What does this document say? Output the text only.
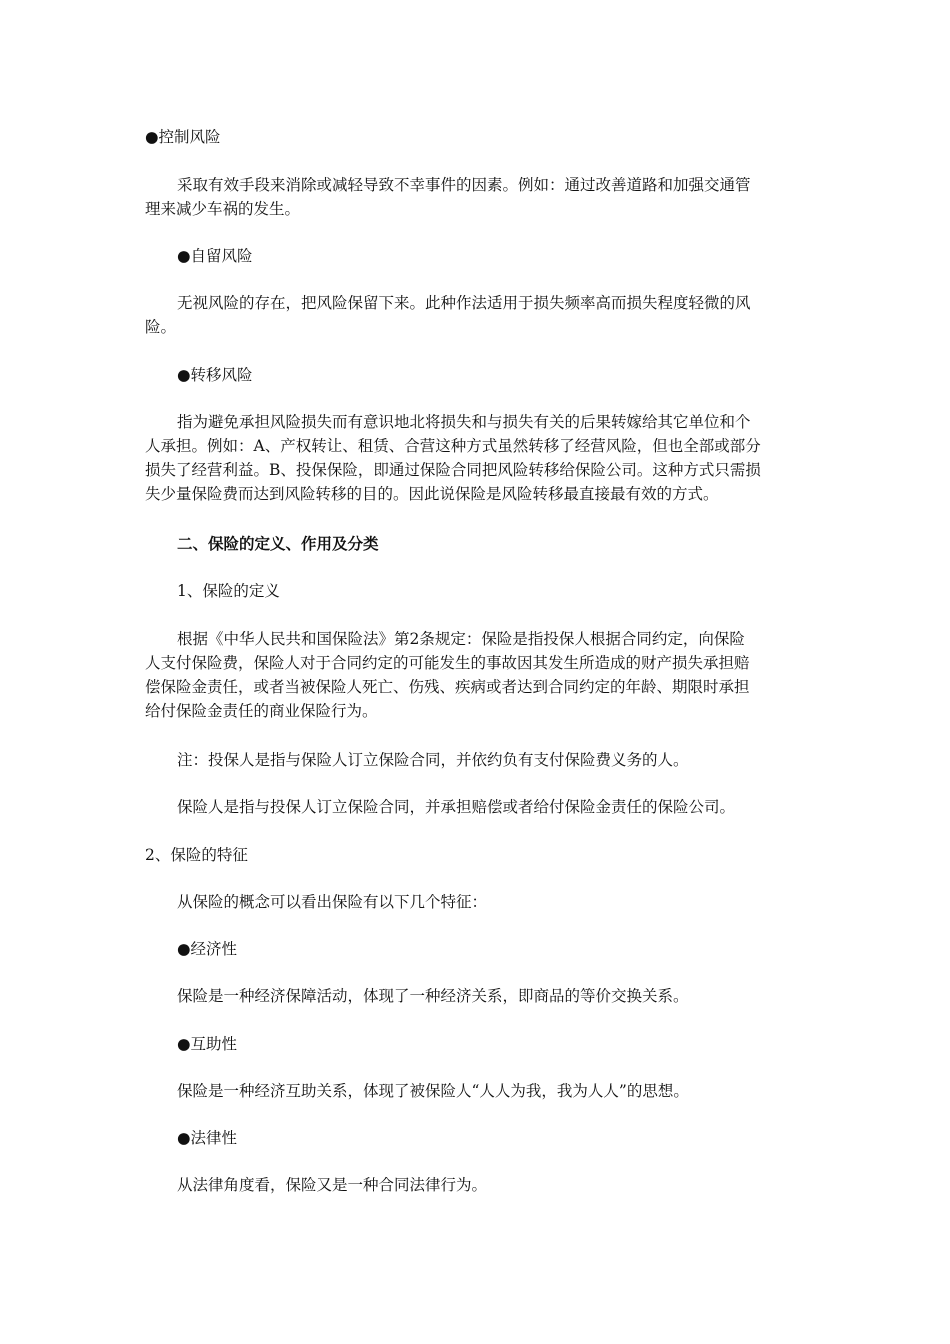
●控制风险

采取有效手段来消除或减轻导致不幸事件的因素。例如：通过改善道路和加强交通管

理来减少车祸的发生。

●自留风险

无视风险的存在，把风险保留下来。此种作法适用于损失频率高而损失程度轻微的风

险。

●转移风险

指为避免承担风险损失而有意识地北将损失和与损失有关的后果转嫁给其它单位和个

人承担。例如：A、产权转让、租赁、合营这种方式虽然转移了经营风险，但也全部或部分

损失了经营利益。B、投保保险，即通过保险合同把风险转移给保险公司。这种方式只需损

失少量保险费而达到风险转移的目的。因此说保险是风险转移最直接最有效的方式。

二、保险的定义、作用及分类

1、保险的定义

根据《中华人民共和国保险法》第2条规定：保险是指投保人根据合同约定，向保险

人支付保险费，保险人对于合同约定的可能发生的事故因其发生所造成的财产损失承担赔

偿保险金责任，或者当被保险人死亡、伤残、疾病或者达到合同约定的年龄、期限时承担

给付保险金责任的商业保险行为。

注：投保人是指与保险人订立保险合同，并依约负有支付保险费义务的人。

保险人是指与投保人订立保险合同，并承担赔偿或者给付保险金责任的保险公司。

2、保险的特征

从保险的概念可以看出保险有以下几个特征：

●经济性

保险是一种经济保障活动，体现了一种经济关系，即商品的等价交换关系。

●互助性

保险是一种经济互助关系，体现了被保险人“人人为我，我为人人”的思想。

●法律性

从法律角度看，保险又是一种合同法律行为。
